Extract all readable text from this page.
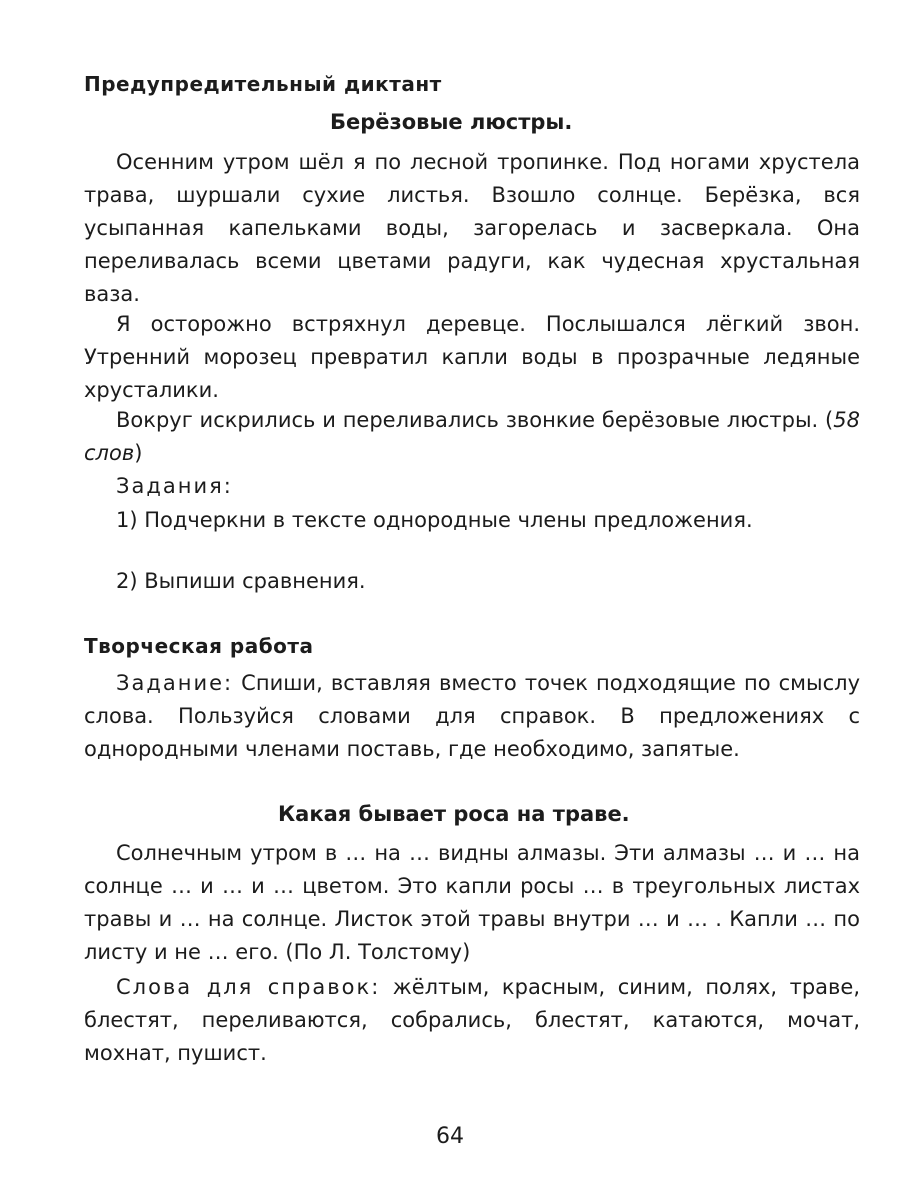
Предупредительный диктант
Берёзовые люстры.

Осенним утром шёл я по лесной тропинке. Под ногами хрустела трава, шуршали сухие листья. Взошло солнце. Берёзка, вся усыпанная капельками воды, загорелась и засверкала. Она переливалась всеми цветами радуги, как чудесная хрустальная ваза.

Я осторожно встряхнул деревце. Послышался лёгкий звон. Утренний морозец превратил капли воды в прозрачные ледяные хрусталики.

Вокруг искрились и переливались звонкие берёзовые люстры. (58 слов)

Задания:

1) Подчеркни в тексте однородные члены предложения.

2) Выпиши сравнения.
Творческая работа

Задание: Спиши, вставляя вместо точек подходящие по смыслу слова. Пользуйся словами для справок. В предложениях с однородными членами поставь, где необходимо, запятые.

Какая бывает роса на траве.

Солнечным утром в … на … видны алмазы. Эти алмазы … и … на солнце … и … и … цветом. Это капли росы … в треугольных листах травы и … на солнце. Листок этой травы внутри … и … . Капли … по листу и не … его. (По Л. Толстому)

Слова для справок: жёлтым, красным, синим, полях, траве, блестят, переливаются, собрались, блестят, катаются, мочат, мохнат, пушист.

64
